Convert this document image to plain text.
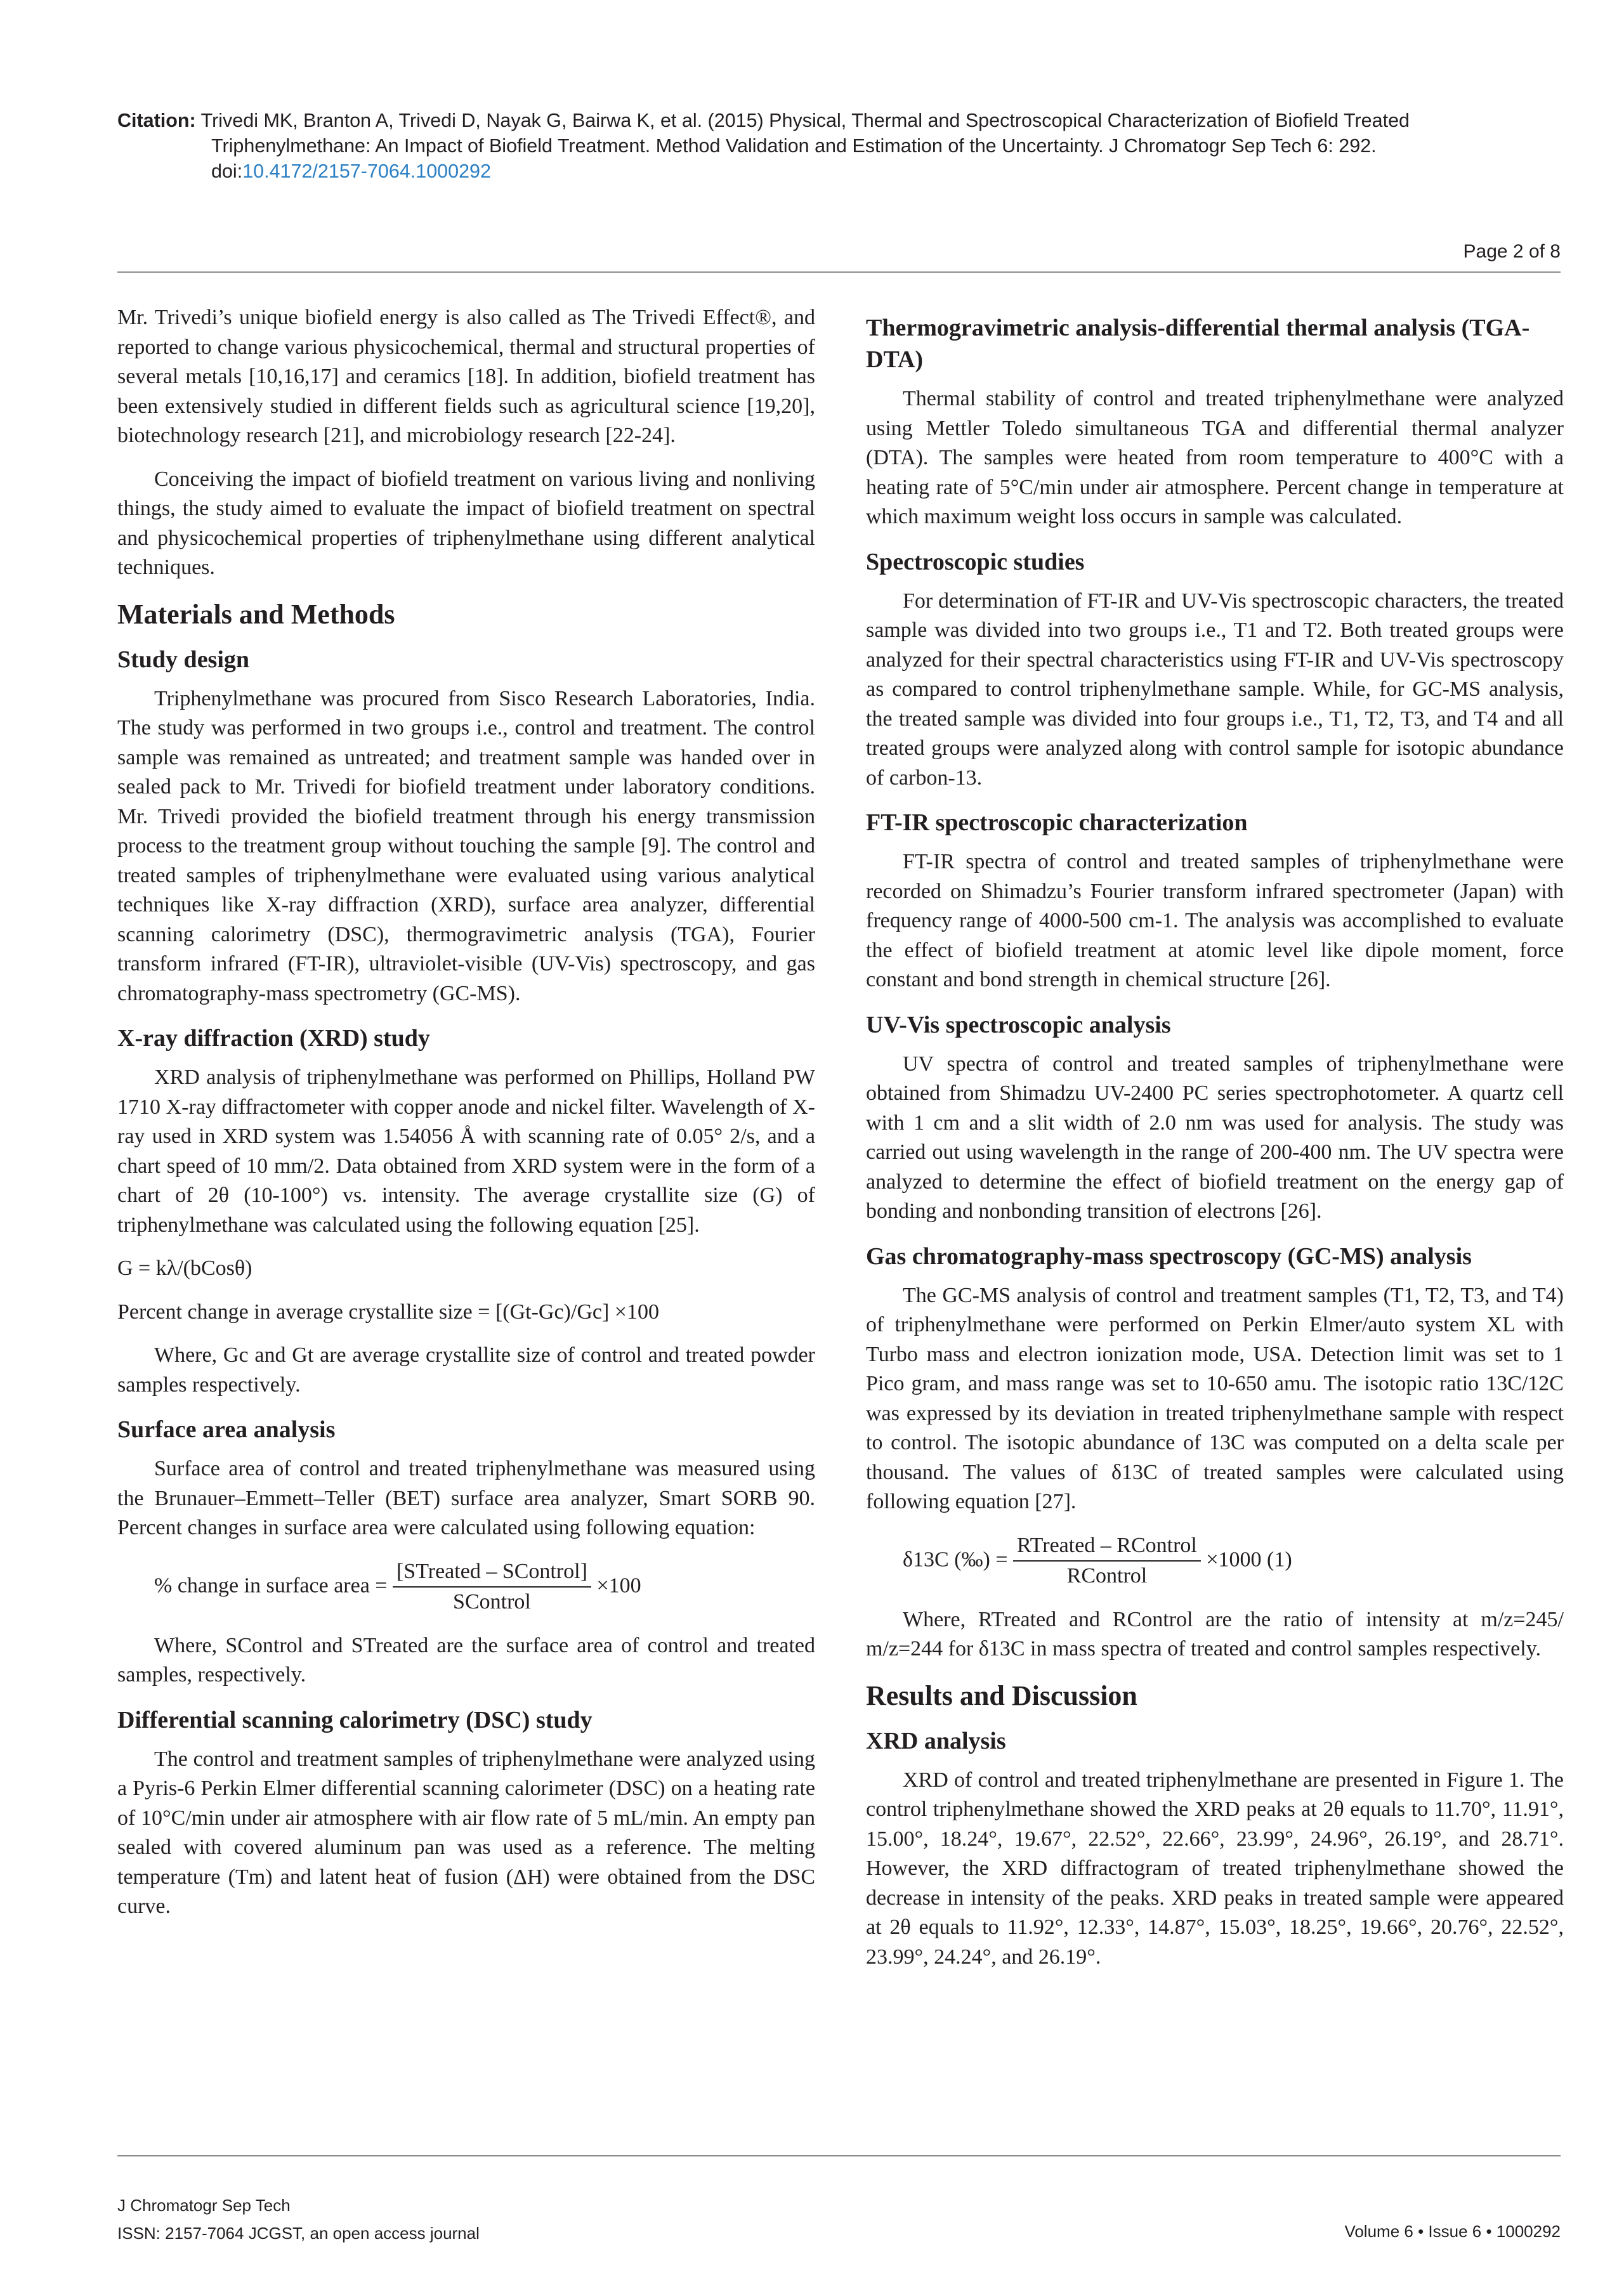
Citation: Trivedi MK, Branton A, Trivedi D, Nayak G, Bairwa K, et al. (2015) Physical, Thermal and Spectroscopical Characterization of Biofield Treated
Triphenylmethane: An Impact of Biofield Treatment. Method Validation and Estimation of the Uncertainty. J Chromatogr Sep Tech 6: 292.
doi:10.4172/2157-7064.1000292
Page 2 of 8

Mr. Trivedi’s unique biofield energy is also called as The Trivedi Effect®, and reported to change various physicochemical, thermal and structural properties of several metals [10,16,17] and ceramics [18]. In addition, biofield treatment has been extensively studied in different fields such as agricultural science [19,20], biotechnology research [21], and microbiology research [22-24].

Conceiving the impact of biofield treatment on various living and nonliving things, the study aimed to evaluate the impact of biofield treatment on spectral and physicochemical properties of triphenylmethane using different analytical techniques.

Materials and Methods
Study design

Triphenylmethane was procured from Sisco Research Laboratories, India. The study was performed in two groups i.e., control and treatment. The control sample was remained as untreated; and treatment sample was handed over in sealed pack to Mr. Trivedi for biofield treatment under laboratory conditions. Mr. Trivedi provided the biofield treatment through his energy transmission process to the treatment group without touching the sample [9]. The control and treated samples of triphenylmethane were evaluated using various analytical techniques like X-ray diffraction (XRD), surface area analyzer, differential scanning calorimetry (DSC), thermogravimetric analysis (TGA), Fourier transform infrared (FT-IR), ultraviolet-visible (UV-Vis) spectroscopy, and gas chromatography-mass spectrometry (GC-MS).

X-ray diffraction (XRD) study

XRD analysis of triphenylmethane was performed on Phillips, Holland PW 1710 X-ray diffractometer with copper anode and nickel filter. Wavelength of X-ray used in XRD system was 1.54056 Å with scanning rate of 0.05° 2/s, and a chart speed of 10 mm/2. Data obtained from XRD system were in the form of a chart of 2θ (10-100°) vs. intensity. The average crystallite size (G) of triphenylmethane was calculated using the following equation [25].

G = kλ/(bCosθ)

Percent change in average crystallite size = [(Gt-Gc)/Gc] ×100

Where, Gc and Gt are average crystallite size of control and treated powder samples respectively.

Surface area analysis

Surface area of control and treated triphenylmethane was measured using the Brunauer–Emmett–Teller (BET) surface area analyzer, Smart SORB 90. Percent changes in surface area were calculated using following equation:

% change in surface area = $\frac{\text{[STreated – SControl]}}{\text{SControl}} \times 100$

Where, SControl and STreated are the surface area of control and treated samples, respectively.

Differential scanning calorimetry (DSC) study

The control and treatment samples of triphenylmethane were analyzed using a Pyris-6 Perkin Elmer differential scanning calorimeter (DSC) on a heating rate of 10°C/min under air atmosphere with air flow rate of 5 mL/min. An empty pan sealed with covered aluminum pan was used as a reference. The melting temperature (Tm) and latent heat of fusion (ΔH) were obtained from the DSC curve.

Thermogravimetric analysis-differential thermal analysis (TGA-DTA)

Thermal stability of control and treated triphenylmethane were analyzed using Mettler Toledo simultaneous TGA and differential thermal analyzer (DTA). The samples were heated from room temperature to 400°C with a heating rate of 5°C/min under air atmosphere. Percent change in temperature at which maximum weight loss occurs in sample was calculated.

Spectroscopic studies

For determination of FT-IR and UV-Vis spectroscopic characters, the treated sample was divided into two groups i.e., T1 and T2. Both treated groups were analyzed for their spectral characteristics using FT-IR and UV-Vis spectroscopy as compared to control triphenylmethane sample. While, for GC-MS analysis, the treated sample was divided into four groups i.e., T1, T2, T3, and T4 and all treated groups were analyzed along with control sample for isotopic abundance of carbon-13.

FT-IR spectroscopic characterization

FT-IR spectra of control and treated samples of triphenylmethane were recorded on Shimadzu’s Fourier transform infrared spectrometer (Japan) with frequency range of 4000-500 cm-1. The analysis was accomplished to evaluate the effect of biofield treatment at atomic level like dipole moment, force constant and bond strength in chemical structure [26].

UV-Vis spectroscopic analysis

UV spectra of control and treated samples of triphenylmethane were obtained from Shimadzu UV-2400 PC series spectrophotometer. A quartz cell with 1 cm and a slit width of 2.0 nm was used for analysis. The study was carried out using wavelength in the range of 200-400 nm. The UV spectra were analyzed to determine the effect of biofield treatment on the energy gap of bonding and nonbonding transition of electrons [26].

Gas chromatography-mass spectroscopy (GC-MS) analysis

The GC-MS analysis of control and treatment samples (T1, T2, T3, and T4) of triphenylmethane were performed on Perkin Elmer/auto system XL with Turbo mass and electron ionization mode, USA. Detection limit was set to 1 Pico gram, and mass range was set to 10-650 amu. The isotopic ratio 13C/12C was expressed by its deviation in treated triphenylmethane sample with respect to control. The isotopic abundance of 13C was computed on a delta scale per thousand. The values of δ13C of treated samples were calculated using following equation [27].

δ13C (‰) = $\frac{\text{RTreated – RControl}}{\text{RControl}} \times 1000$ (1)

Where, RTreated and RControl are the ratio of intensity at m/z=245/ m/z=244 for δ13C in mass spectra of treated and control samples respectively.

Results and Discussion
XRD analysis

XRD of control and treated triphenylmethane are presented in Figure 1. The control triphenylmethane showed the XRD peaks at 2θ equals to 11.70°, 11.91°, 15.00°, 18.24°, 19.67°, 22.52°, 22.66°, 23.99°, 24.96°, 26.19°, and 28.71°. However, the XRD diffractogram of treated triphenylmethane showed the decrease in intensity of the peaks. XRD peaks in treated sample were appeared at 2θ equals to 11.92°, 12.33°, 14.87°, 15.03°, 18.25°, 19.66°, 20.76°, 22.52°, 23.99°, 24.24°, and 26.19°.

J Chromatogr Sep Tech
ISSN: 2157-7064 JCGST, an open access journal	Volume 6 • Issue 6 • 1000292
